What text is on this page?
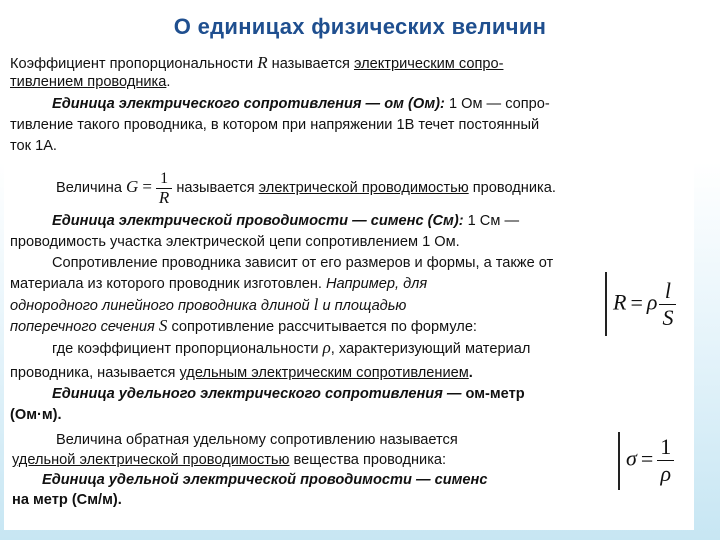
О единицах физических величин
Коэффициент пропорциональности R называется электрическим сопро-
тивлением проводника.
Единица электрического сопротивления — ом (Ом): 1 Ом — сопро-
тивление такого проводника, в котором при напряжении 1В течет постоянный
ток 1А.
Величина $G = \frac{1}{R}$ называется электрической проводимостью проводника.
Единица электрической проводимости — сименс (См): 1 См —
проводимость участка электрической цепи сопротивлением 1 Ом.
Сопротивление проводника зависит от его размеров и формы, а также от
материала из которого проводник изготовлен. Например, для
однородного линейного проводника длиной l и площадью
поперечного сечения S сопротивление рассчитывается по формуле:
где коэффициент пропорциональности ρ, характеризующий материал
проводника, называется удельным электрическим сопротивлением.
Единица удельного электрического сопротивления — ом-метр
(Ом·м).
Величина обратная удельному сопротивлению называется
удельной электрической проводимостью вещества проводника:
Единица удельной электрической проводимости — сименс
на метр (См/м).
R = ρ $\frac{l}{S}$
$\sigma = \frac{1}{\rho}$
